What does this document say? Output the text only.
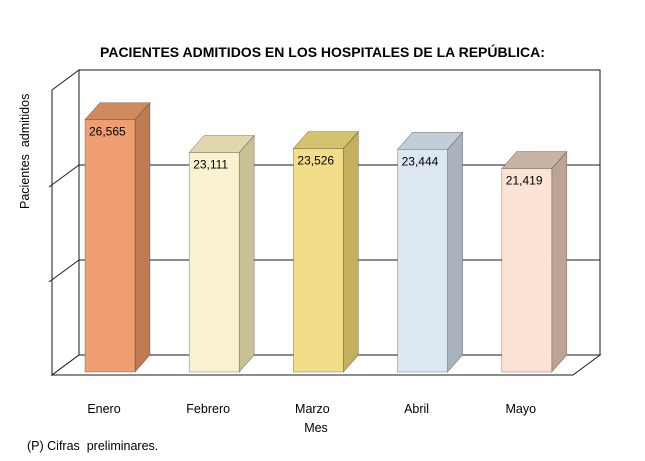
PACIENTES ADMITIDOS EN LOS HOSPITALES DE LA REPÚBLICA:

Pacientes  admitidos	26,565
Enero
23,111
Febrero
23,526
Marzo
23,444
Abril
21,419
Mayo
Mes
(P) Cifras  preliminares.
